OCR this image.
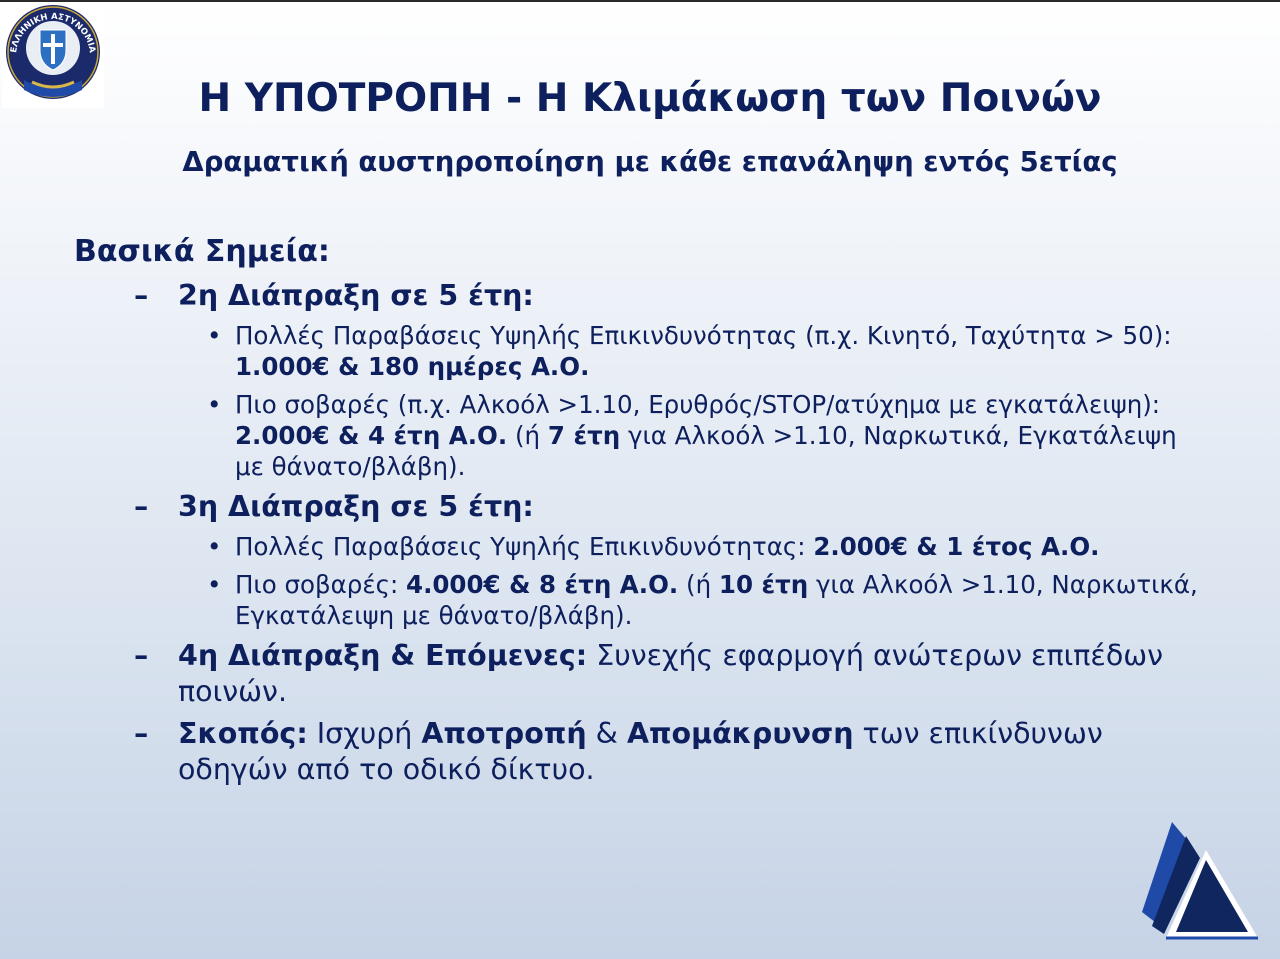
ΕΛΛΗΝΙΚΗ ΑΣΤΥΝΟΜΙΑ
Η ΥΠΟΤΡΟΠΗ - Η Κλιμάκωση των Ποινών
Δραματική αυστηροποίηση με κάθε επανάληψη εντός 5ετίας
Βασικά Σημεία:
– 2η Διάπραξη σε 5 έτη:
• Πολλές Παραβάσεις Υψηλής Επικινδυνότητας (π.χ. Κινητό, Ταχύτητα > 50): 1.000€ & 180 ημέρες Α.Ο.
• Πιο σοβαρές (π.χ. Αλκοόλ >1.10, Ερυθρός/STOP/ατύχημα με εγκατάλειψη): 2.000€ & 4 έτη Α.Ο. (ή 7 έτη για Αλκοόλ >1.10, Ναρκωτικά, Εγκατάλειψη με θάνατο/βλάβη).
– 3η Διάπραξη σε 5 έτη:
• Πολλές Παραβάσεις Υψηλής Επικινδυνότητας: 2.000€ & 1 έτος Α.Ο.
• Πιο σοβαρές: 4.000€ & 8 έτη Α.Ο. (ή 10 έτη για Αλκοόλ >1.10, Ναρκωτικά, Εγκατάλειψη με θάνατο/βλάβη).
– 4η Διάπραξη & Επόμενες: Συνεχής εφαρμογή ανώτερων επιπέδων ποινών.
– Σκοπός: Ισχυρή Αποτροπή & Απομάκρυνση των επικίνδυνων οδηγών από το οδικό δίκτυο.
